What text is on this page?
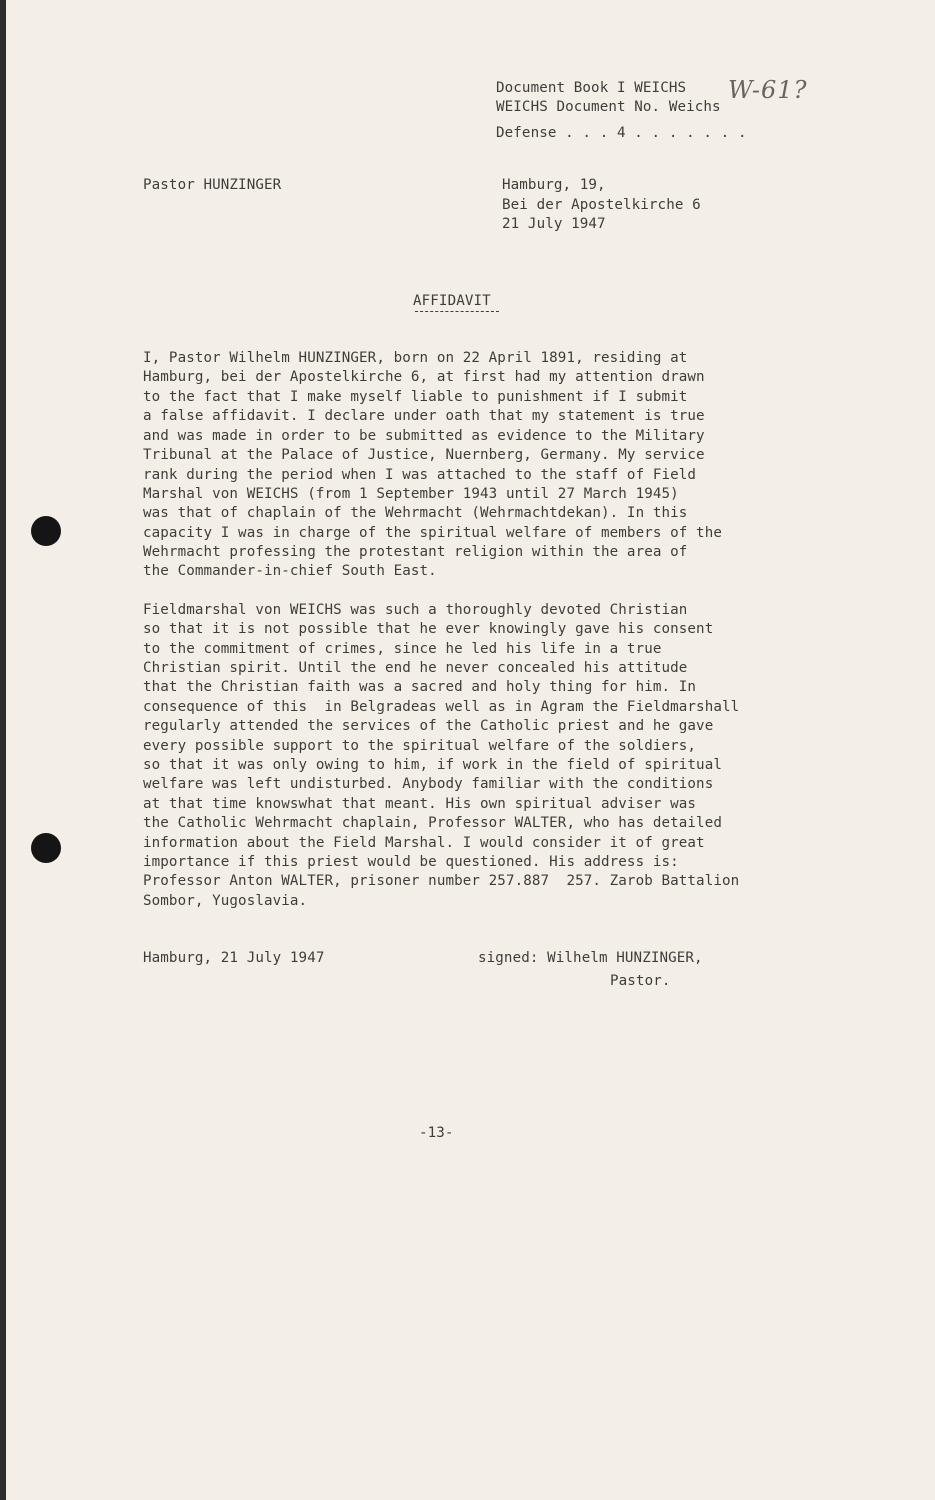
Document Book I WEICHS
WEICHS Document No. Weichs
W-61?
Defense . . . 4 . . . . . . .
Pastor HUNZINGER	Hamburg, 19,
Bei der Apostelkirche 6
21 July 1947
AFFIDAVIT
I, Pastor Wilhelm HUNZINGER, born on 22 April 1891, residing at
Hamburg, bei der Apostelkirche 6, at first had my attention drawn
to the fact that I make myself liable to punishment if I submit
a false affidavit. I declare under oath that my statement is true
and was made in order to be submitted as evidence to the Military
Tribunal at the Palace of Justice, Nuernberg, Germany. My service
rank during the period when I was attached to the staff of Field
Marshal von WEICHS (from 1 September 1943 until 27 March 1945)
was that of chaplain of the Wehrmacht (Wehrmachtdekan). In this
capacity I was in charge of the spiritual welfare of members of the
Wehrmacht professing the protestant religion within the area of
the Commander-in-chief South East.
Fieldmarshal von WEICHS was such a thoroughly devoted Christian
so that it is not possible that he ever knowingly gave his consent
to the commitment of crimes, since he led his life in a true
Christian spirit. Until the end he never concealed his attitude
that the Christian faith was a sacred and holy thing for him. In
consequence of this  in Belgradeas well as in Agram the Fieldmarshall
regularly attended the services of the Catholic priest and he gave
every possible support to the spiritual welfare of the soldiers,
so that it was only owing to him, if work in the field of spiritual
welfare was left undisturbed. Anybody familiar with the conditions
at that time knowswhat that meant. His own spiritual adviser was
the Catholic Wehrmacht chaplain, Professor WALTER, who has detailed
information about the Field Marshal. I would consider it of great
importance if this priest would be questioned. His address is:
Professor Anton WALTER, prisoner number 257.887  257. Zarob Battalion
Sombor, Yugoslavia.
Hamburg, 21 July 1947	signed: Wilhelm HUNZINGER,
Pastor.
-13-
